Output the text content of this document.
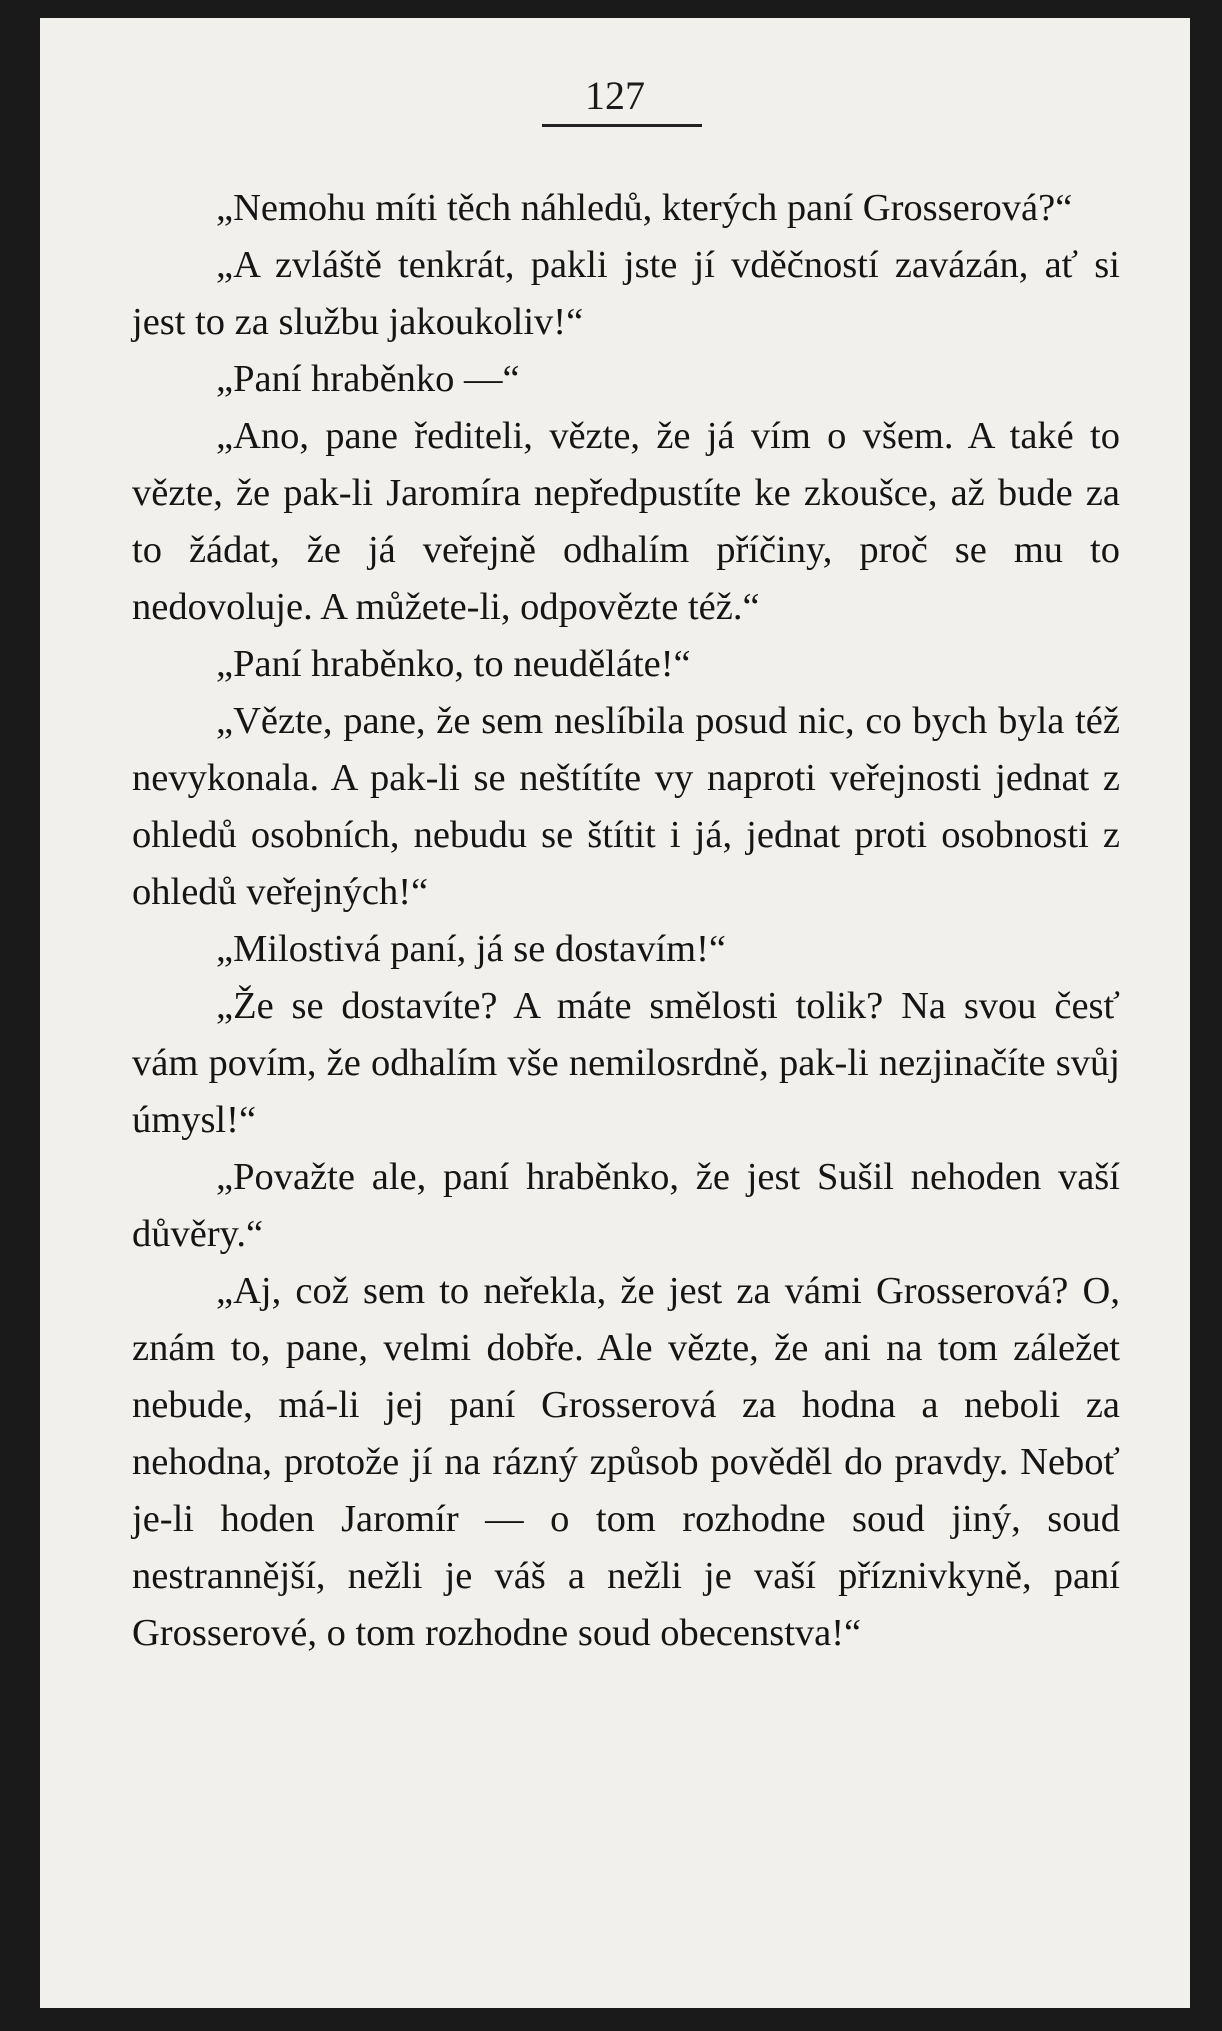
127

„Nemohu míti těch náhledů, kterých paní Grosserová?“

„A zvláště tenkrát, pakli jste jí vděčností zavázán, ať si jest to za službu jakoukoliv!“

„Paní hraběnko —“

„Ano, pane řediteli, vězte, že já vím o všem. A také to vězte, že pak-li Jaromíra nepředpustíte ke zkoušce, až bude za to žádat, že já veřejně odhalím příčiny, proč se mu to nedovoluje. A můžete-li, odpovězte též.“

„Paní hraběnko, to neuděláte!“

„Vězte, pane, že sem neslíbila posud nic, co bych byla též nevykonala. A pak-li se neštítíte vy naproti veřejnosti jednat z ohledů osobních, nebudu se štítit i já, jednat proti osobnosti z ohledů veřejných!“

„Milostivá paní, já se dostavím!“

„Že se dostavíte? A máte smělosti tolik? Na svou česť vám povím, že odhalím vše nemilosrdně, pak-li nezjinačíte svůj úmysl!“

„Považte ale, paní hraběnko, že jest Sušil nehoden vaší důvěry.“

„Aj, což sem to neřekla, že jest za vámi Grosserová? O, znám to, pane, velmi dobře. Ale vězte, že ani na tom záležet nebude, má-li jej paní Grosserová za hodna a neboli za nehodna, protože jí na rázný způsob pověděl do pravdy. Neboť je-li hoden Jaromír — o tom rozhodne soud jiný, soud nestrannější, nežli je váš a nežli je vaší příznivkyně, paní Grosserové, o tom rozhodne soud obecenstva!“
